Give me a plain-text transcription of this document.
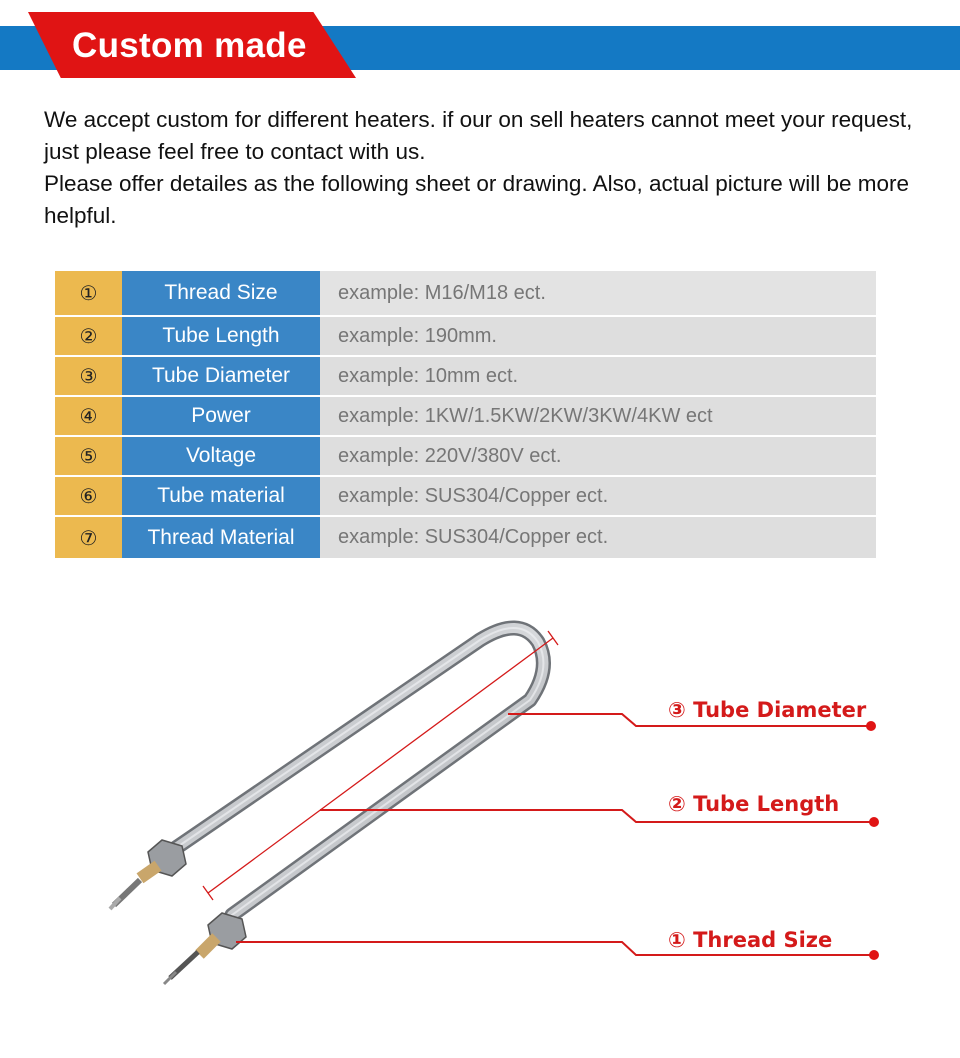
Custom made

We accept custom for different heaters. if our on sell heaters cannot meet your request, just please feel free to contact with us.

Please offer detailes as the following sheet or drawing. Also, actual picture will be more helpful.

①	Thread Size	example: M16/M18 ect.
②	Tube Length	example: 190mm.
③	Tube Diameter	example: 10mm ect.
④	Power	example: 1KW/1.5KW/2KW/3KW/4KW ect
⑤	Voltage	example: 220V/380V ect.
⑥	Tube material	example: SUS304/Copper ect.
⑦	Thread Material	example: SUS304/Copper ect.
③ Tube Diameter
② Tube Length
① Thread Size
